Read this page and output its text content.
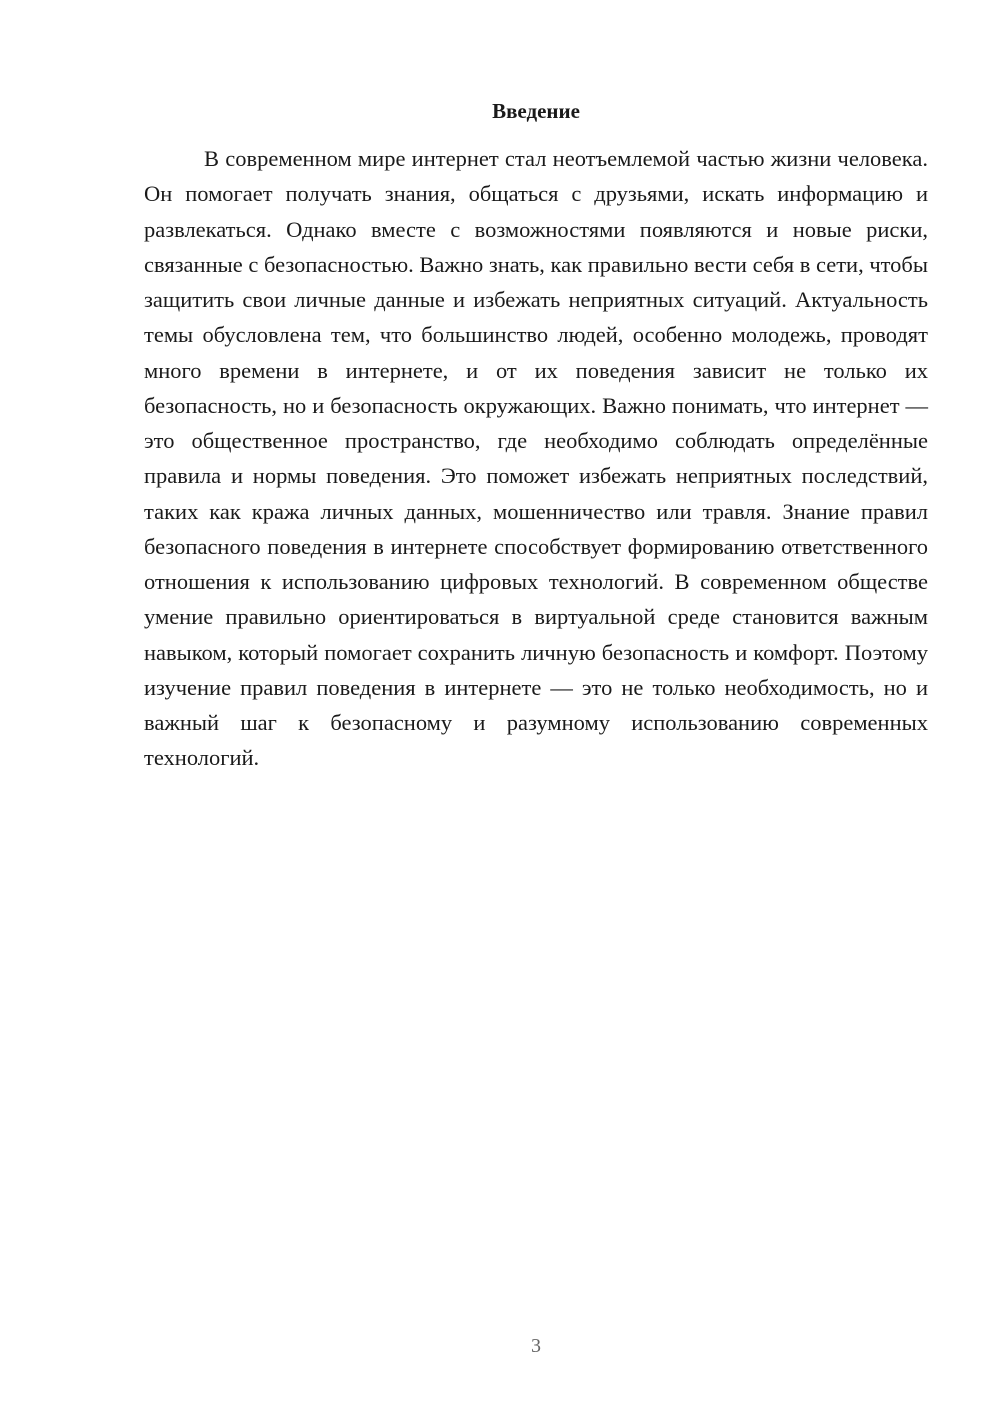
Введение

В современном мире интернет стал неотъемлемой частью жизни человека. Он помогает получать знания, общаться с друзьями, искать информацию и развлекаться. Однако вместе с возможностями появляются и новые риски, связанные с безопасностью. Важно знать, как правильно вести себя в сети, чтобы защитить свои личные данные и избежать неприятных ситуаций. Актуальность темы обусловлена тем, что большинство людей, особенно молодежь, проводят много времени в интернете, и от их поведения зависит не только их безопасность, но и безопасность окружающих. Важно понимать, что интернет — это общественное пространство, где необходимо соблюдать определённые правила и нормы поведения. Это поможет избежать неприятных последствий, таких как кража личных данных, мошенничество или травля. Знание правил безопасного поведения в интернете способствует формированию ответственного отношения к использованию цифровых технологий. В современном обществе умение правильно ориентироваться в виртуальной среде становится важным навыком, который помогает сохранить личную безопасность и комфорт. Поэтому изучение правил поведения в интернете — это не только необходимость, но и важный шаг к безопасному и разумному использованию современных технологий.

3
